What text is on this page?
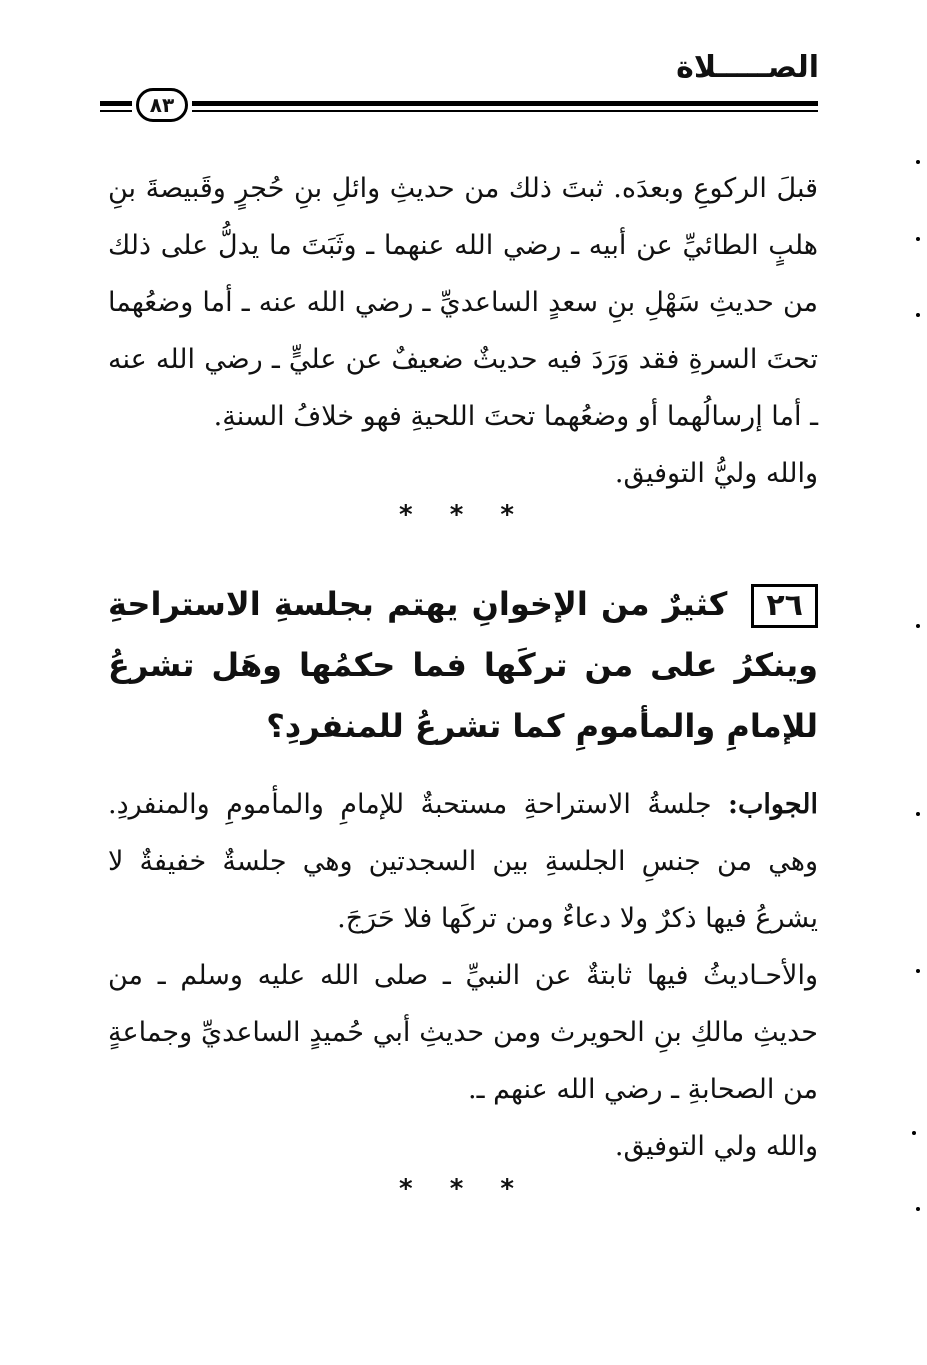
الصـــــلاة
٨٣

قبلَ الركوعِ وبعدَه. ثبتَ ذلك من حديثِ وائلِ بنِ حُجرٍ وقَبيصةَ بنِ هلبٍ الطائيِّ عن أبيه ـ رضي الله عنهما ـ وثَبَتَ ما يدلُّ على ذلك من حديثِ سَهْلِ بنِ سعدٍ الساعديِّ ـ رضي الله عنه ـ أما وضعُهما تحتَ السرةِ فقد وَرَدَ فيه حديثٌ ضعيفٌ عن عليٍّ ـ رضي الله عنه ـ أما إرسالُهما أو وضعُهما تحتَ اللحيةِ فهو خلافُ السنةِ.

والله وليُّ التوفيق.

* * *
٢٦كثيرٌ من الإخوانِ يهتم بجلسةِ الاستراحةِ وينكرُ على من تركَها فما حكمُها وهَل تشرعُ للإمامِ والمأمومِ كما تشرعُ للمنفردِ؟

الجواب: جلسةُ الاستراحةِ مستحبةٌ للإمامِ والمأمومِ والمنفردِ. وهي من جنسِ الجلسةِ بين السجدتين وهي جلسةٌ خفيفةٌ لا يشرعُ فيها ذكرٌ ولا دعاءٌ ومن تركَها فلا حَرَجَ.

والأحـاديثُ فيها ثابتةٌ عن النبيِّ ـ صلى الله عليه وسلم ـ من حديثِ مالكِ بنِ الحويرث ومن حديثِ أبي حُميدٍ الساعديِّ وجماعةٍ من الصحابةِ ـ رضي الله عنهم ـ.

والله ولي التوفيق.

* * *
